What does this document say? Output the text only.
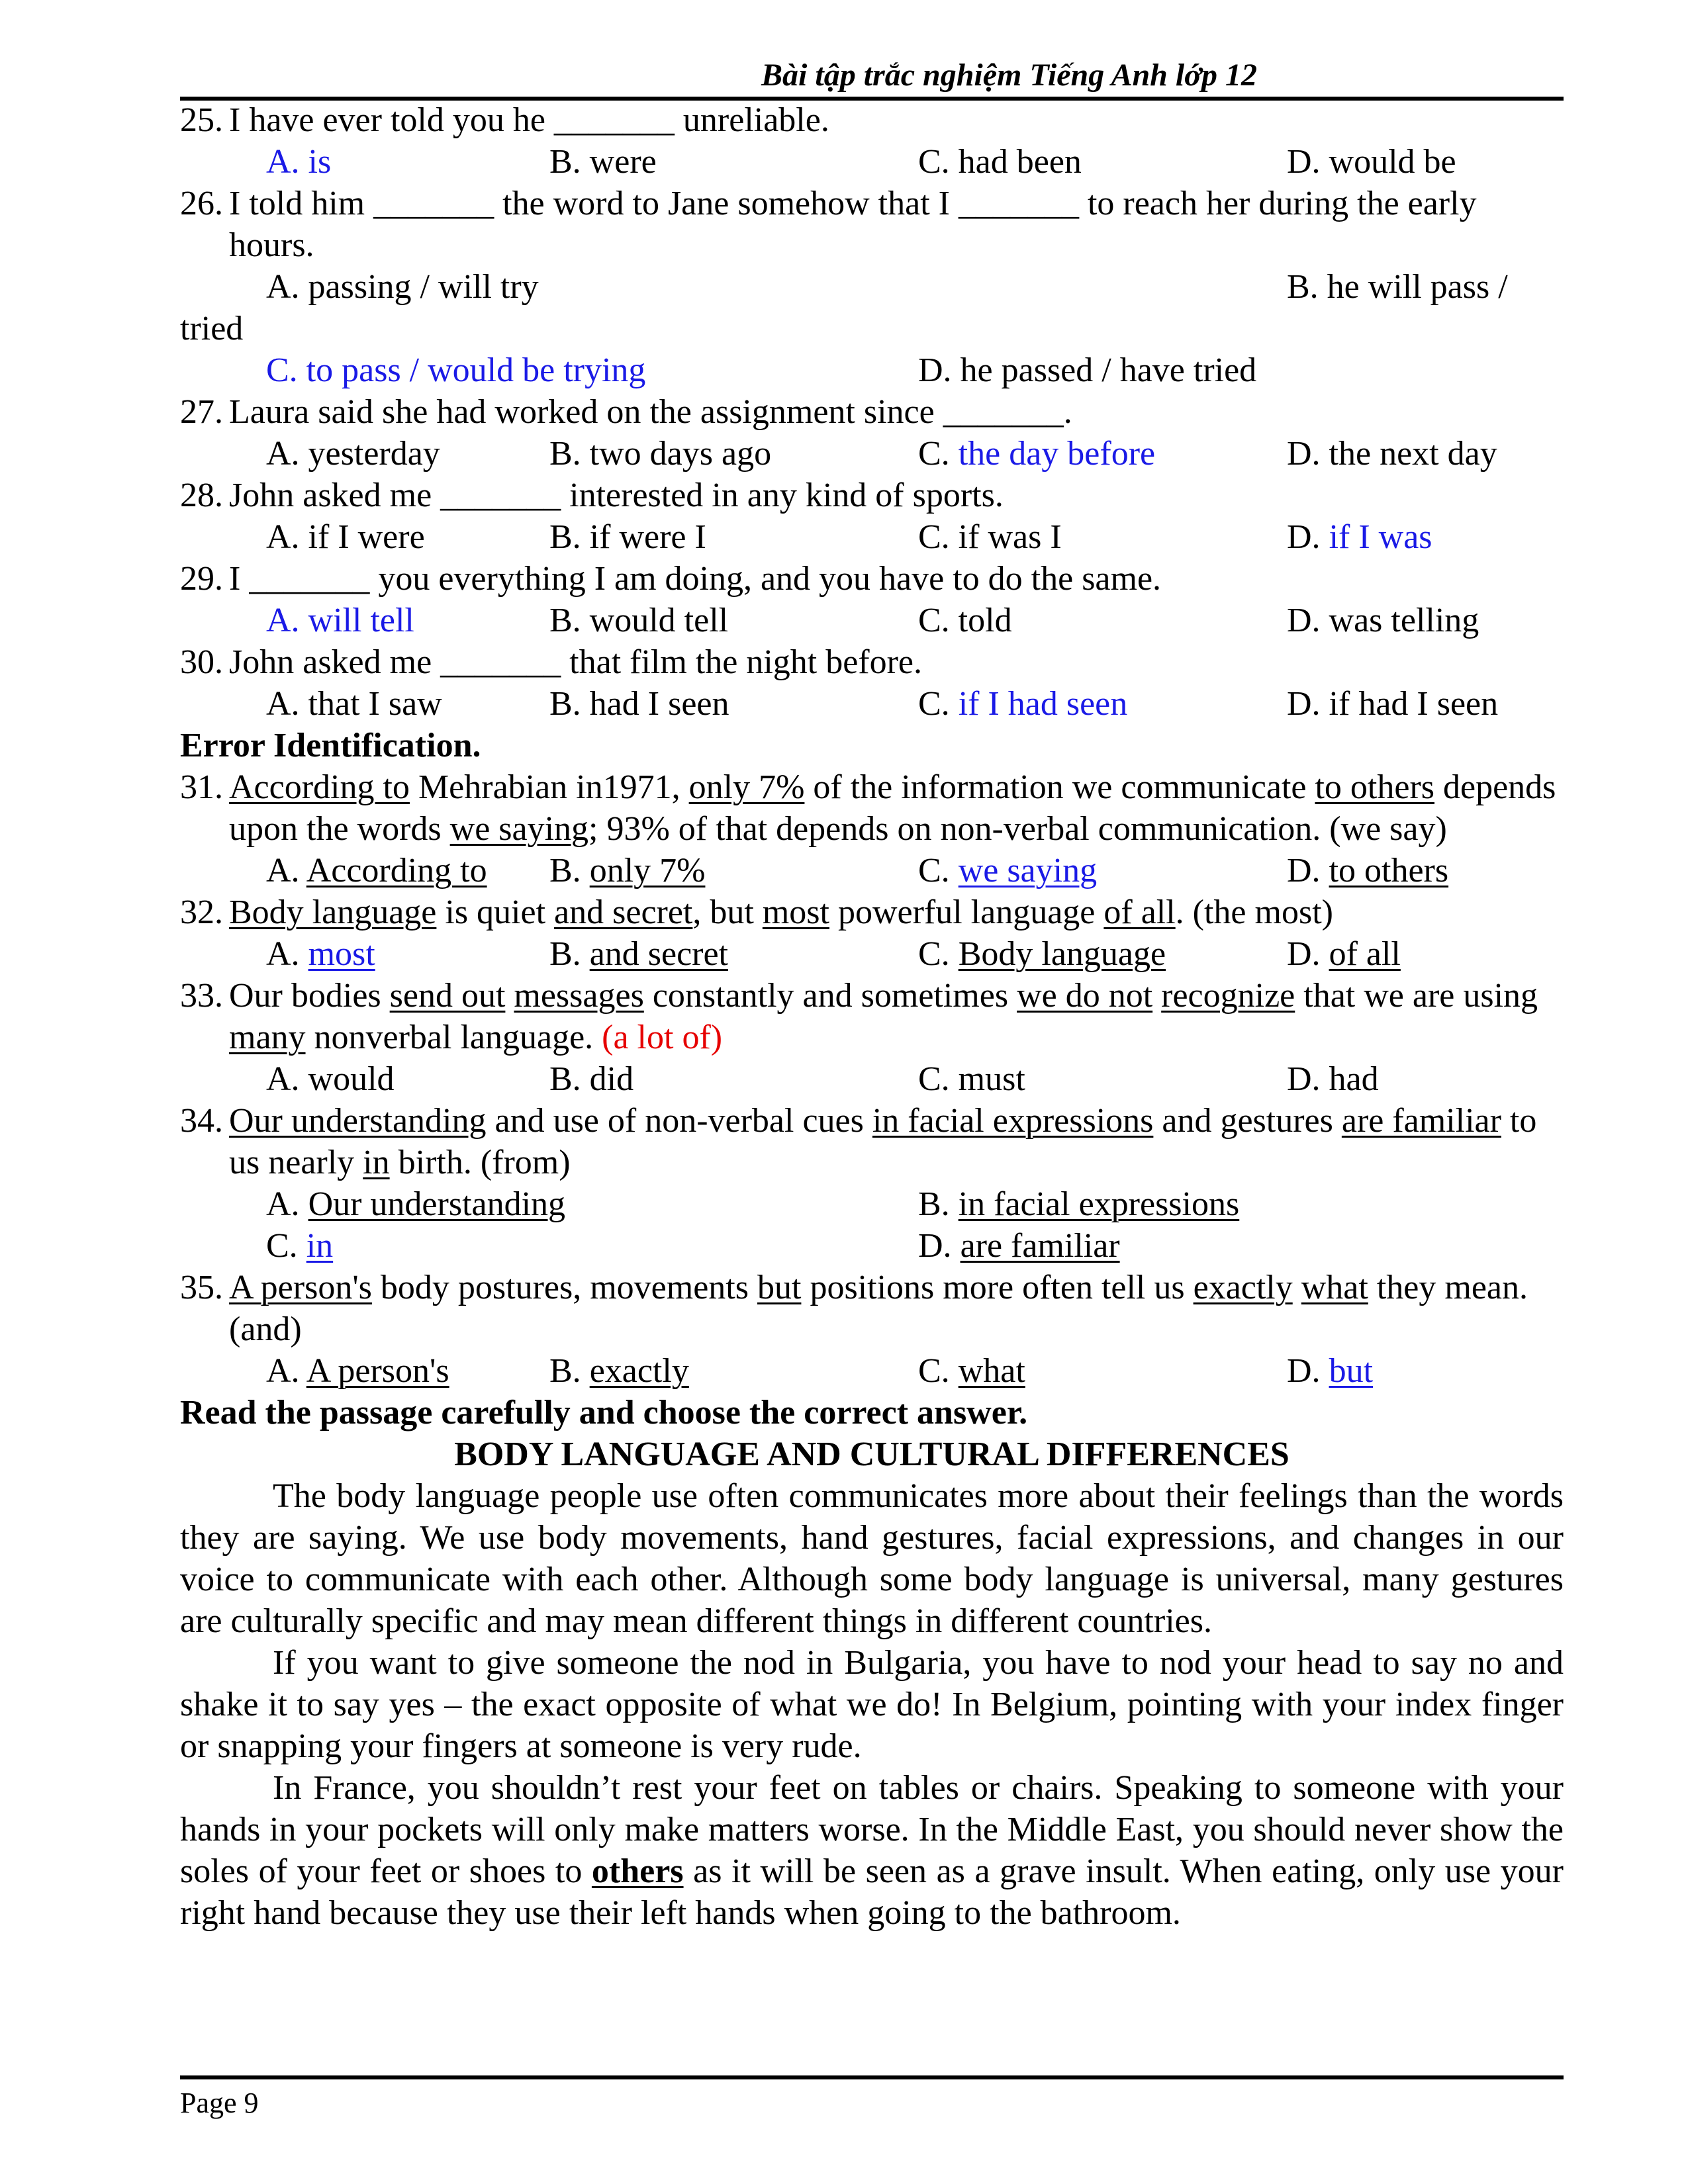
Bài tập trắc nghiệm Tiếng Anh lớp 12
25. I have ever told you he _______ unreliable.
A. is	B. were	C. had been	D. would be
26. I told him _______ the word to Jane somehow that I _______ to reach her during the early hours.
A. passing / will try	B. he will pass /
tried
C. to pass / would be trying	D. he passed / have tried
27. Laura said she had worked on the assignment since _______.
A. yesterday	B. two days ago	C. the day before	D. the next day
28. John asked me _______ interested in any kind of sports.
A. if I were	B. if were I	C. if was I	D. if I was
29. I _______ you everything I am doing, and you have to do the same.
A. will tell	B. would tell	C. told	D. was telling
30. John asked me _______ that film the night before.
A. that I saw	B. had I seen	C. if I had seen	D. if had I seen
Error Identification.
31. According to Mehrabian in1971, only 7% of the information we communicate to others depends upon the words we saying; 93% of that depends on non-verbal communication. (we say)
A. According to B. only 7%	C. we saying	D. to others
32. Body language is quiet and secret, but most powerful language of all. (the most)
A. most	B. and secret	C. Body language	D. of all
33. Our bodies send out messages constantly and sometimes we do not recognize that we are using many nonverbal language. (a lot of)
A. would	B. did	C. must	D. had
34. Our understanding and use of non-verbal cues in facial expressions and gestures are familiar to us nearly in birth. (from)
A. Our understanding	B. in facial expressions
C. in	D. are familiar
35. A person's body postures, movements but positions more often tell us exactly what they mean. (and)
A. A person's	B. exactly	C. what	D. but
Read the passage carefully and choose the correct answer.
BODY LANGUAGE AND CULTURAL DIFFERENCES
The body language people use often communicates more about their feelings than the words they are saying. We use body movements, hand gestures, facial expressions, and changes in our voice to communicate with each other. Although some body language is universal, many gestures are culturally specific and may mean different things in different countries.
If you want to give someone the nod in Bulgaria, you have to nod your head to say no and shake it to say yes – the exact opposite of what we do! In Belgium, pointing with your index finger or snapping your fingers at someone is very rude.
In France, you shouldn’t rest your feet on tables or chairs. Speaking to someone with your hands in your pockets will only make matters worse. In the Middle East, you should never show the soles of your feet or shoes to others as it will be seen as a grave insult. When eating, only use your right hand because they use their left hands when going to the bathroom.
Page 9
